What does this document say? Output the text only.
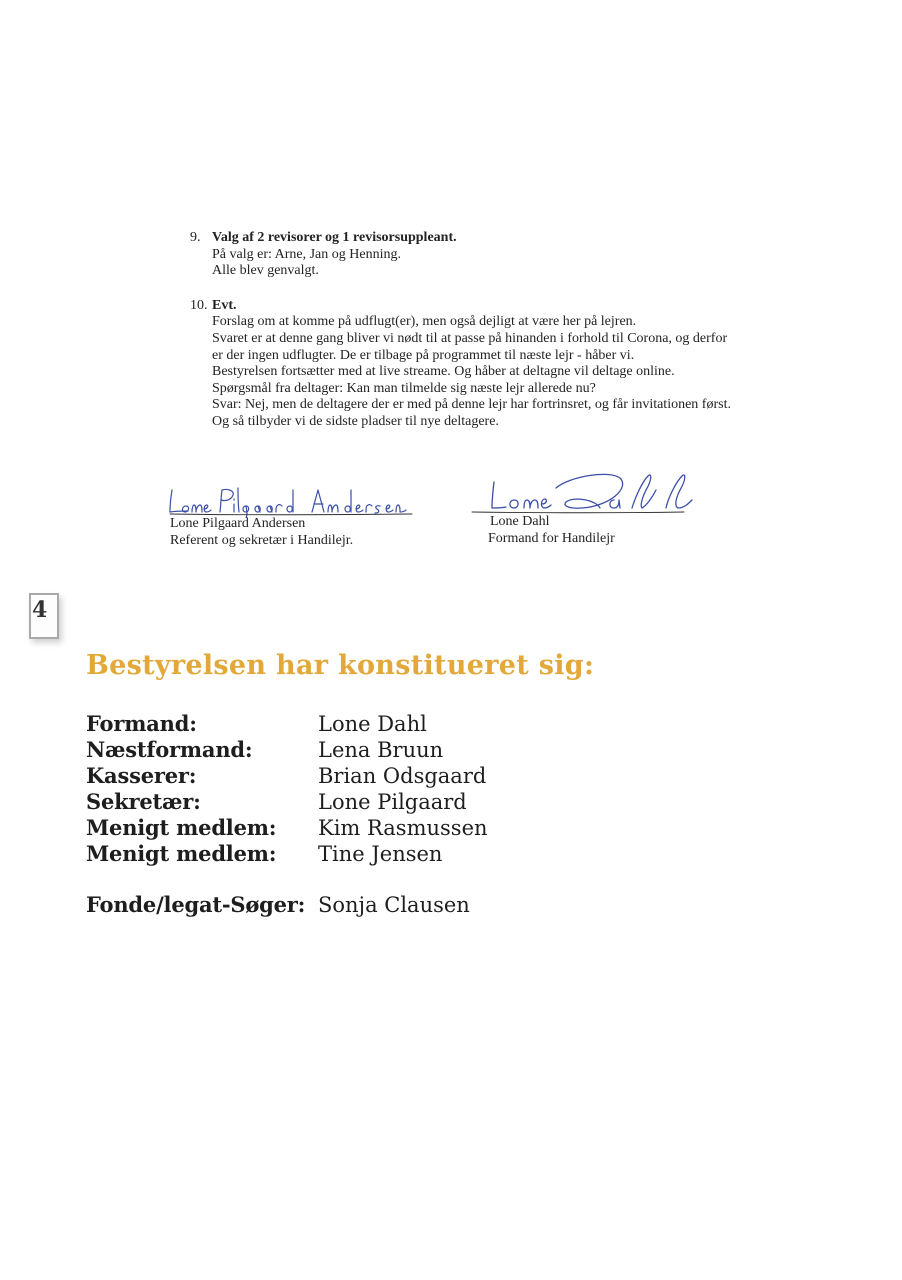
9. Valg af 2 revisorer og 1 revisorsuppleant.
På valg er: Arne, Jan og Henning.
Alle blev genvalgt.
10. Evt.
Forslag om at komme på udflugt(er), men også dejligt at være her på lejren.
Svaret er at denne gang bliver vi nødt til at passe på hinanden i forhold til Corona, og derfor
er der ingen udflugter. De er tilbage på programmet til næste lejr - håber vi.
Bestyrelsen fortsætter med at live streame. Og håber at deltagne vil deltage online.
Spørgsmål fra deltager: Kan man tilmelde sig næste lejr allerede nu?
Svar: Nej, men de deltagere der er med på denne lejr har fortrinsret, og får invitationen først.
Og så tilbyder vi de sidste pladser til nye deltagere.
Lone Pilgaard Andersen
Referent og sekretær i Handilejr.
Lone Dahl
Formand for Handilejr
4
Bestyrelsen har konstitueret sig:
Formand:	Lone Dahl
Næstformand:	Lena Bruun
Kasserer:	Brian Odsgaard
Sekretær:	Lone Pilgaard
Menigt medlem:	Kim Rasmussen
Menigt medlem:	Tine Jensen
Fonde/legat-Søger: Sonja Clausen
